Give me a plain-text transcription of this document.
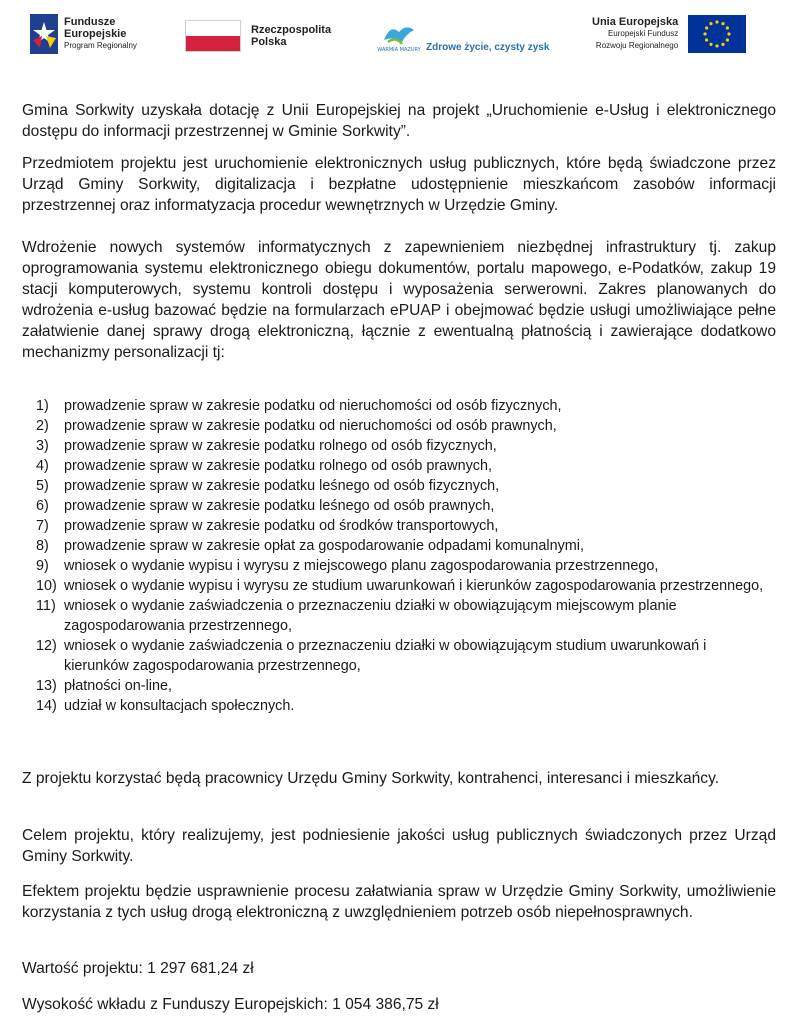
Fundusze
Europejskie
Program Regionalny
Rzeczpospolita
Polska
WARMIA MAZURY Zdrowe życie, czysty zysk
Unia Europejska
Europejski Fundusz
Rozwoju Regionalnego

Gmina Sorkwity uzyskała dotację z Unii Europejskiej na projekt „Uruchomienie e-Usług i elektronicznego dostępu do informacji przestrzennej w Gminie Sorkwity”.

Przedmiotem projektu jest uruchomienie elektronicznych usług publicznych, które będą świadczone przez Urząd Gminy Sorkwity, digitalizacja i bezpłatne udostępnienie mieszkańcom zasobów informacji przestrzennej oraz informatyzacja procedur wewnętrznych w Urzędzie Gminy.

Wdrożenie nowych systemów informatycznych z zapewnieniem niezbędnej infrastruktury tj. zakup oprogramowania systemu elektronicznego obiegu dokumentów, portalu mapowego, e-Podatków, zakup 19 stacji komputerowych, systemu kontroli dostępu i wyposażenia serwerowni. Zakres planowanych do wdrożenia e-usług bazować będzie na formularzach ePUAP i obejmować będzie usługi umożliwiające pełne załatwienie danej sprawy drogą elektroniczną, łącznie z ewentualną płatnością i zawierające dodatkowo mechanizmy personalizacji tj:

1)	prowadzenie spraw w zakresie podatku od nieruchomości od osób fizycznych,
2)	prowadzenie spraw w zakresie podatku od nieruchomości od osób prawnych,
3)	prowadzenie spraw w zakresie podatku rolnego od osób fizycznych,
4)	prowadzenie spraw w zakresie podatku rolnego od osób prawnych,
5)	prowadzenie spraw w zakresie podatku leśnego od osób fizycznych,
6)	prowadzenie spraw w zakresie podatku leśnego od osób prawnych,
7)	prowadzenie spraw w zakresie podatku od środków transportowych,
8)	prowadzenie spraw w zakresie opłat za gospodarowanie odpadami komunalnymi,
9)	wniosek o wydanie wypisu i wyrysu z miejscowego planu zagospodarowania przestrzennego,
10) wniosek o wydanie wypisu i wyrysu ze studium uwarunkowań i kierunków zagospodarowania przestrzennego,
11) wniosek o wydanie zaświadczenia o przeznaczeniu działki w obowiązującym miejscowym planie zagospodarowania przestrzennego,
12) wniosek o wydanie zaświadczenia o przeznaczeniu działki w obowiązującym studium uwarunkowań i kierunków zagospodarowania przestrzennego,
13) płatności on-line,
14) udział w konsultacjach społecznych.

Z projektu korzystać będą pracownicy Urzędu Gminy Sorkwity, kontrahenci, interesanci i mieszkańcy.

Celem projektu, który realizujemy, jest podniesienie jakości usług publicznych świadczonych przez Urząd Gminy Sorkwity.

Efektem projektu będzie usprawnienie procesu załatwiania spraw w Urzędzie Gminy Sorkwity, umożliwienie korzystania z tych usług drogą elektroniczną z uwzględnieniem potrzeb osób niepełnosprawnych.

Wartość projektu: 1 297 681,24 zł

Wysokość wkładu z Funduszy Europejskich: 1 054 386,75 zł
